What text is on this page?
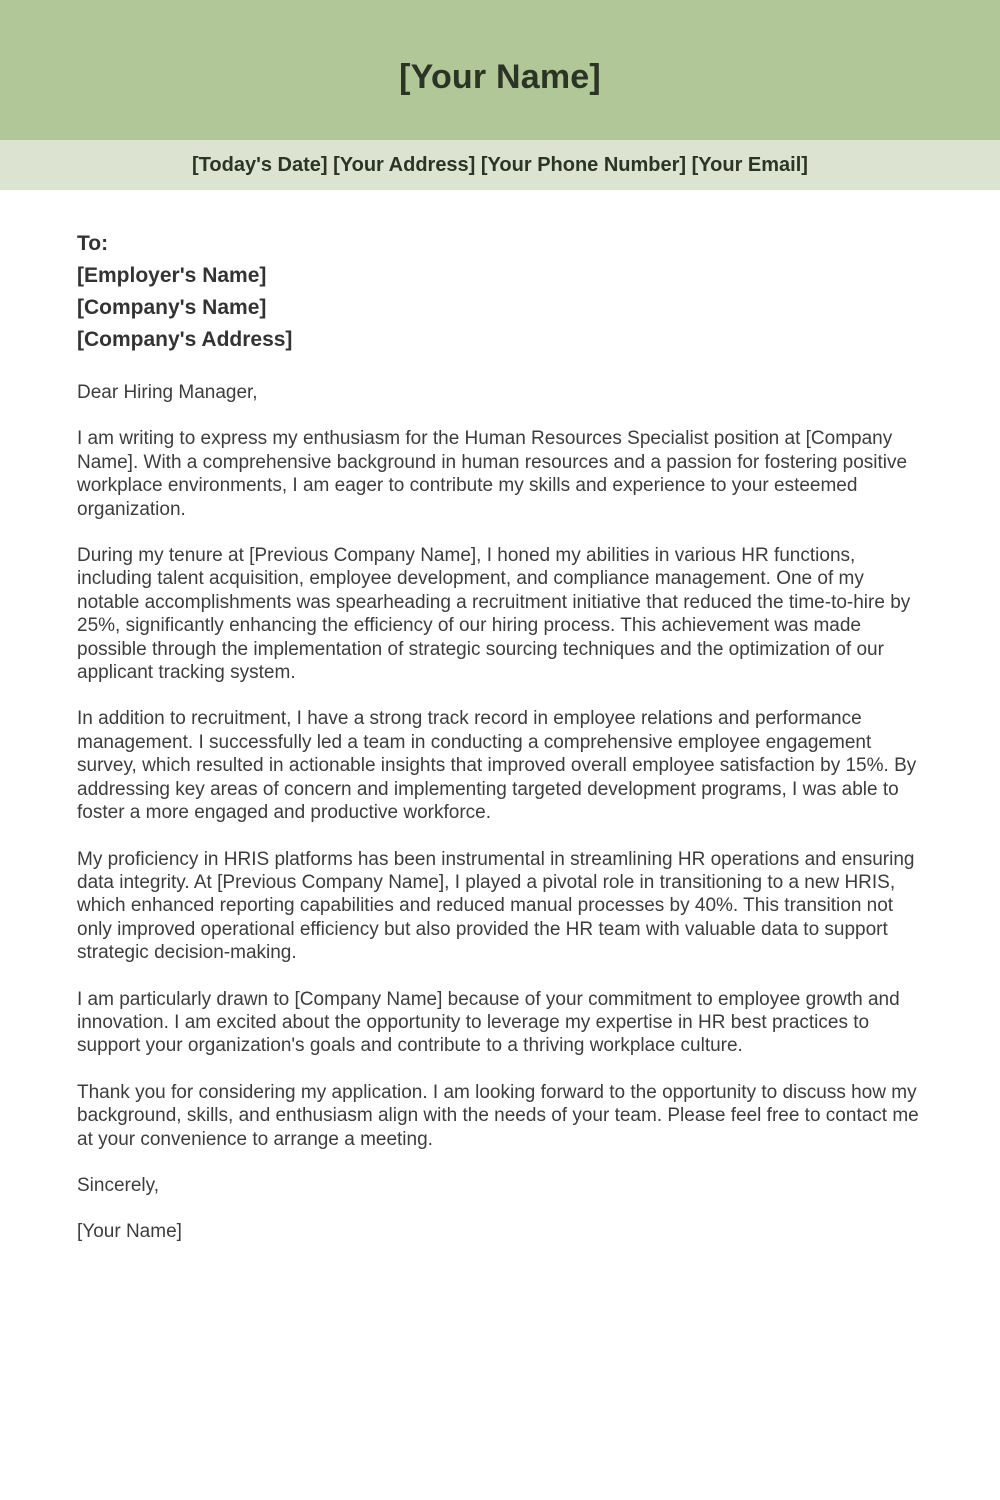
[Your Name]
[Today's Date] [Your Address] [Your Phone Number] [Your Email]
To:
[Employer's Name]
[Company's Name]
[Company's Address]

Dear Hiring Manager,

I am writing to express my enthusiasm for the Human Resources Specialist position at [Company Name]. With a comprehensive background in human resources and a passion for fostering positive workplace environments, I am eager to contribute my skills and experience to your esteemed organization.

During my tenure at [Previous Company Name], I honed my abilities in various HR functions, including talent acquisition, employee development, and compliance management. One of my notable accomplishments was spearheading a recruitment initiative that reduced the time-to-hire by 25%, significantly enhancing the efficiency of our hiring process. This achievement was made possible through the implementation of strategic sourcing techniques and the optimization of our applicant tracking system.

In addition to recruitment, I have a strong track record in employee relations and performance management. I successfully led a team in conducting a comprehensive employee engagement survey, which resulted in actionable insights that improved overall employee satisfaction by 15%. By addressing key areas of concern and implementing targeted development programs, I was able to foster a more engaged and productive workforce.

My proficiency in HRIS platforms has been instrumental in streamlining HR operations and ensuring data integrity. At [Previous Company Name], I played a pivotal role in transitioning to a new HRIS, which enhanced reporting capabilities and reduced manual processes by 40%. This transition not only improved operational efficiency but also provided the HR team with valuable data to support strategic decision-making.

I am particularly drawn to [Company Name] because of your commitment to employee growth and innovation. I am excited about the opportunity to leverage my expertise in HR best practices to support your organization's goals and contribute to a thriving workplace culture.

Thank you for considering my application. I am looking forward to the opportunity to discuss how my background, skills, and enthusiasm align with the needs of your team. Please feel free to contact me at your convenience to arrange a meeting.

Sincerely,

[Your Name]
